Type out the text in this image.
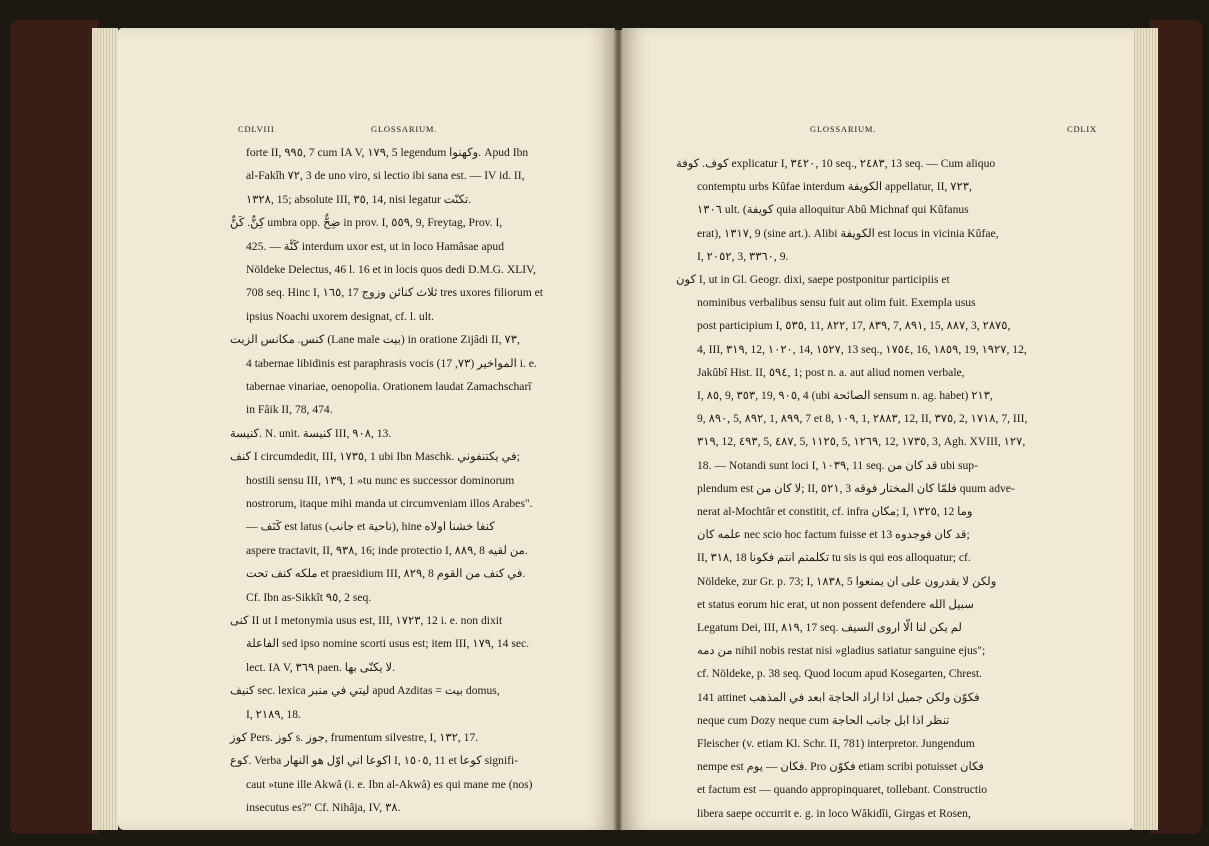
CDLVIII	GLOSSARIUM.
forte II, ٩٩٥, 7 cum IA V, ١٧٩, 5 legendum وكهنوا. Apud Ibn
al-Fakîh ٧٢, 3 de uno viro, si lectio ibi sana est. — IV id. II,
١٣٢٨, 15; absolute III, ٣٥, 14, nisi legatur تكنّت.
كِنٌّ. كَنٌّ umbra opp. ضِحٌّ in prov. I, ٥٥٩, 9, Freytag, Prov. I,
425. — كَنَّة interdum uxor est, ut in loco Hamâsae apud
Nöldeke Delectus, 46 l. 16 et in locis quos dedi D.M.G. XLIV,
708 seq. Hinc I, ١٦٥, 17 ثلاث كنائن وزوج tres uxores filiorum et
ipsius Noachi uxorem designat, cf. l. ult.
كنس. مكانس الزيت (Lane male بيت) in oratione Zijâdi II, ٧٣,
4 tabernae libidinis est paraphrasis vocis المواخير (٧٣, 17) i. e.
tabernae vinariae, oenopolia. Orationem laudat Zamachscharî
in Fâik II, 78, 474.
كنيسة. N. unit. كنيسة III, ٩٠٨, 13.
كنف I circumdedit, III, ١٧٣٥, 1 ubi Ibn Maschk. في يكتنفوني;
hostili sensu III, ١٣٩, 1 »tu nunc es successor dominorum
nostrorum, itaque mihi manda ut circumveniam illos Arabes".
— كَنَف est latus (جانب et ناحية), hine كنفا خشنا اولاه
aspere tractavit, II, ٩٣٨, 16; inde protectio I, ٨٨٩, 8 من لقيه.
ملكه كنف تحت et praesidium III, ٨٢٩, 8 في كنف من القوم.
Cf. Ibn as-Sikkît ٩٥, 2 seq.
كنى II ut I metonymia usus est, III, ١٧٢٣, 12 i. e. non dixit
الفاعلة sed ipso nomine scorti usus est; item III, ١٧٩, 14 sec.
lect. IA V, ٣٦٩ paen. لا يكنّى بها.
كنيف sec. lexica ليتي في منبر apud Azditas = بيت domus,
I, ٢١٨٩, 18.
كوز Pers. كوز s. جوز, frumentum silvestre, I, ١٣٢, 17.
كوع. Verba اكوعا اني اوّل هو النهار I, ١٥٠٥, 11 et كوعا signifi-
caut »tune ille Akwâ (i. e. Ibn al-Akwâ) es qui mane me (nos)
insecutus es?" Cf. Nihâja, IV, ٣٨.
GLOSSARIUM.	CDLIX
كوف. كوفة explicatur I, ٣٤٢٠, 10 seq., ٢٤٨٣, 13 seq. — Cum aliquo
contemptu urbs Kûfae interdum الكويفة appellatur, II, ٧٢٣,
١٣٠٦ ult. (كويفة quia alloquitur Abû Michnaf qui Kûfanus
erat), ١٣١٧, 9 (sine art.). Alibi الكويفة est locus in vicinia Kûfae,
I, ٢٠٥٢, 3, ٣٣٦٠, 9.
كون I, ut in Gl. Geogr. dixi, saepe postponitur participiis et
nominibus verbalibus sensu fuit aut olim fuit. Exempla usus
post participium I, ٥٣٥, 11, ٨٢٢, 17, ٨٣٩, 7, ٨٩١, 15, ٨٨٧, 3, ٢٨٧٥,
4, III, ٣١٩, 12, ١٠٢٠, 14, ١٥٢٧, 13 seq., ١٧٥٤, 16, ١٨٥٩, 19, ١٩٢٧, 12,
Jakûbî Hist. II, ٥٩٤, 1; post n. a. aut aliud nomen verbale,
I, ٨٥, 9, ٣٥٣, 19, ٩٠٥, 4 (ubi الصائحة sensum n. ag. habet) ٢١٣,
9, ٨٩٠, 5, ٨٩٢, 1, ٨٩٩, 7 et 8, ١٠٩, 1, ٢٨٨٣, 12, II, ٣٧٥, 2, ١٧١٨, 7, III,
٣١٩, 12, ٤٩٣, 5, ٤٨٧, 5, ١١٢٥, 5, ١٢٦٩, 12, ١٧٣٥, 3, Agh. XVIII, ١٢٧,
18. — Notandi sunt loci I, ١٠٣٩, 11 seq. قد كان من ubi sup-
plendum est لا كان من; II, ٥٢١, 3 فلمّا كان المختار فوقه quum adve-
nerat al-Mochtâr et constitit, cf. infra مكان; I, ١٣٢٥, 12 وما
علمه كان nec scio hoc factum fuisse et 13 قد كان فوجدوه;
II, ٣١٨, 18 تكلمتم انتم فكونا tu sis is qui eos alloquatur; cf.
Nöldeke, zur Gr. p. 73; I, ١٨٣٨, 5 ولكن لا يقدرون على ان يمنعوا
et status eorum hic erat, ut non possent defendere سبيل الله
Legatum Dei, III, ٨١٩, 17 seq. لم يكن لنا الّا اروى السيف
من دمه nihil nobis restat nisi »gladius satiatur sanguine ejus";
cf. Nöldeke, p. 38 seq. Quod locum apud Kosegarten, Chrest.
141 attinet فكوّن ولكن جميل اذا اراد الحاجة ابعد في المذهب
neque cum Dozy neque cum تنظر اذا ابل جانب الحاجة
Fleischer (v. etiam Kl. Schr. II, 781) interpretor. Jungendum
nempe est فكان — يوم. Pro فكوّن etiam scribi potuisset فكان
et factum est — quando appropinquaret, tollebant. Constructio
libera saepe occurrit e. g. in loco Wâkidîi, Girgas et Rosen,
